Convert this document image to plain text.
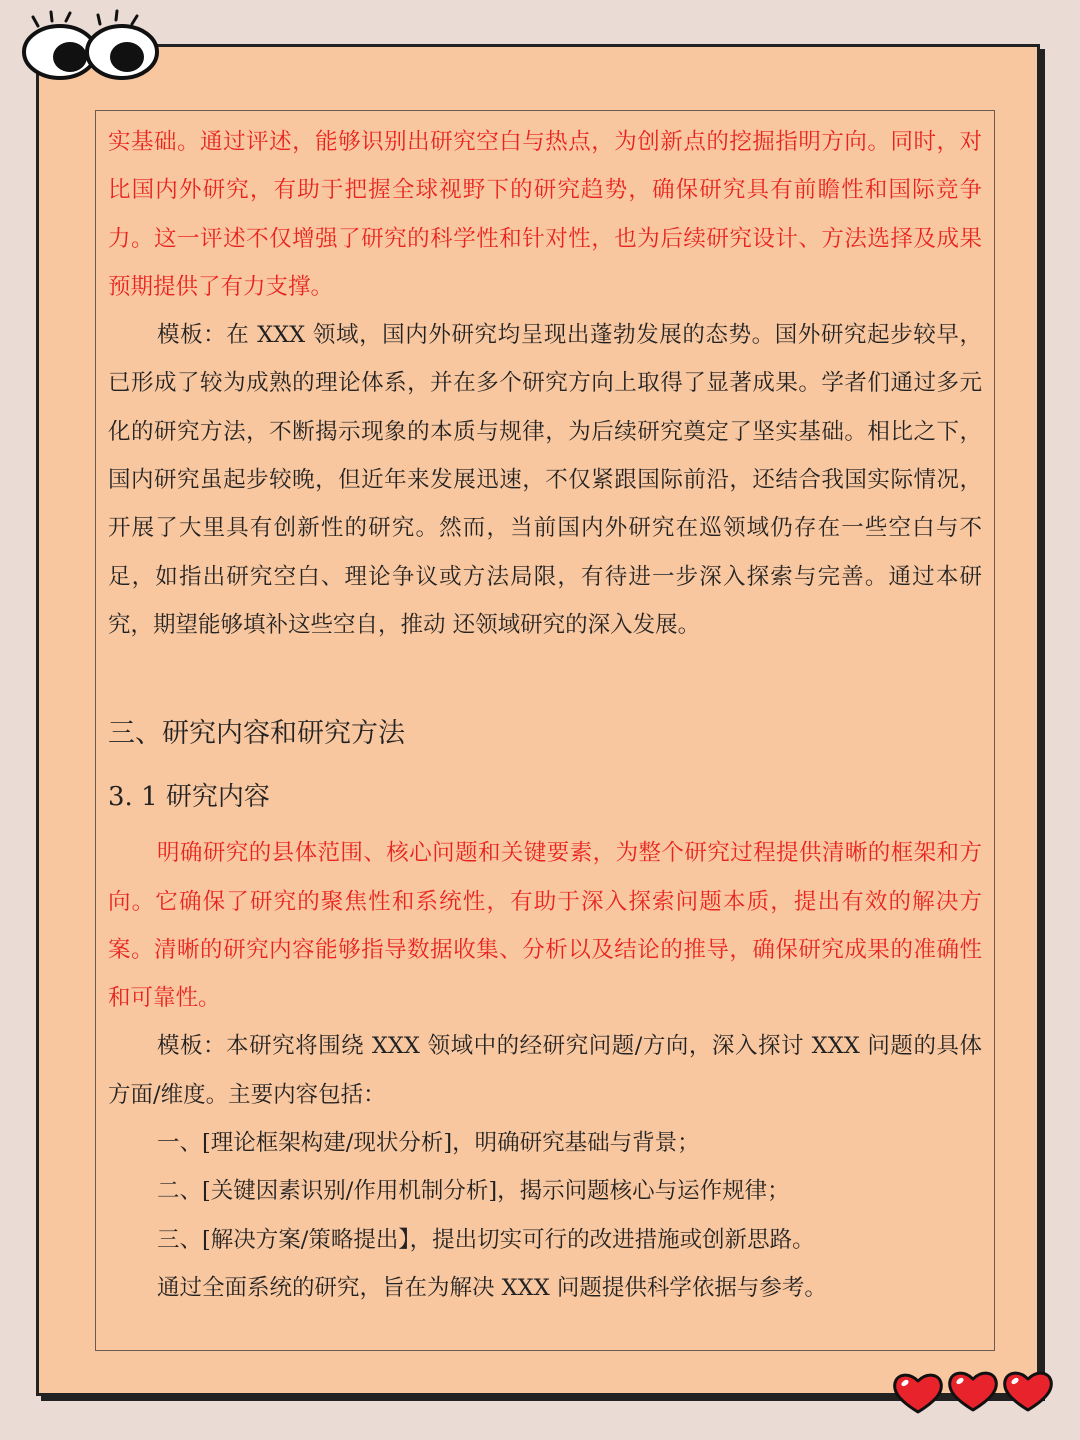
实基础。通过评述，能够识别出研究空白与热点，为创新点的挖掘指明方向。同时，对比国内外研究，有助于把握全球视野下的研究趋势，确保研究具有前瞻性和国际竞争力。这一评述不仅增强了研究的科学性和针对性，也为后续研究设计、方法选择及成果预期提供了有力支撑。

模板：在 XXX 领域，国内外研究均呈现出蓬勃发展的态势。国外研究起步较早，已形成了较为成熟的理论体系，并在多个研究方向上取得了显著成果。学者们通过多元化的研究方法，不断揭示现象的本质与规律，为后续研究奠定了坚实基础。相比之下，国内研究虽起步较晚，但近年来发展迅速，不仅紧跟国际前沿，还结合我国实际情况，开展了大里具有创新性的研究。然而，当前国内外研究在巡领域仍存在一些空白与不足，如指出研究空白、理论争议或方法局限，有待进一步深入探索与完善。通过本研究，期望能够填补这些空自，推动 还领域研究的深入发展。

三、研究内容和研究方法
3. 1 研究内容

明确研究的县体范围、核心问题和关键要素，为整个研究过程提供清晰的框架和方向。它确保了研究的聚焦性和系统性，有助于深入探索问题本质，提出有效的解决方案。清晰的研究内容能够指导数据收集、分析以及结论的推导，确保研究成果的准确性和可靠性。

模板：本研究将围绕 XXX 领域中的经研究问题/方向，深入探讨 XXX 问题的具体方面/维度。主要内容包括：

一、[理论框架构建/现状分析]，明确研究基础与背景；

二、[关键因素识别/作用机制分析]，揭示问题核心与运作规律；

三、[解决方案/策略提出】，提出切实可行的改进措施或创新思路。

通过全面系统的研究，旨在为解决 XXX 问题提供科学依据与参考。
